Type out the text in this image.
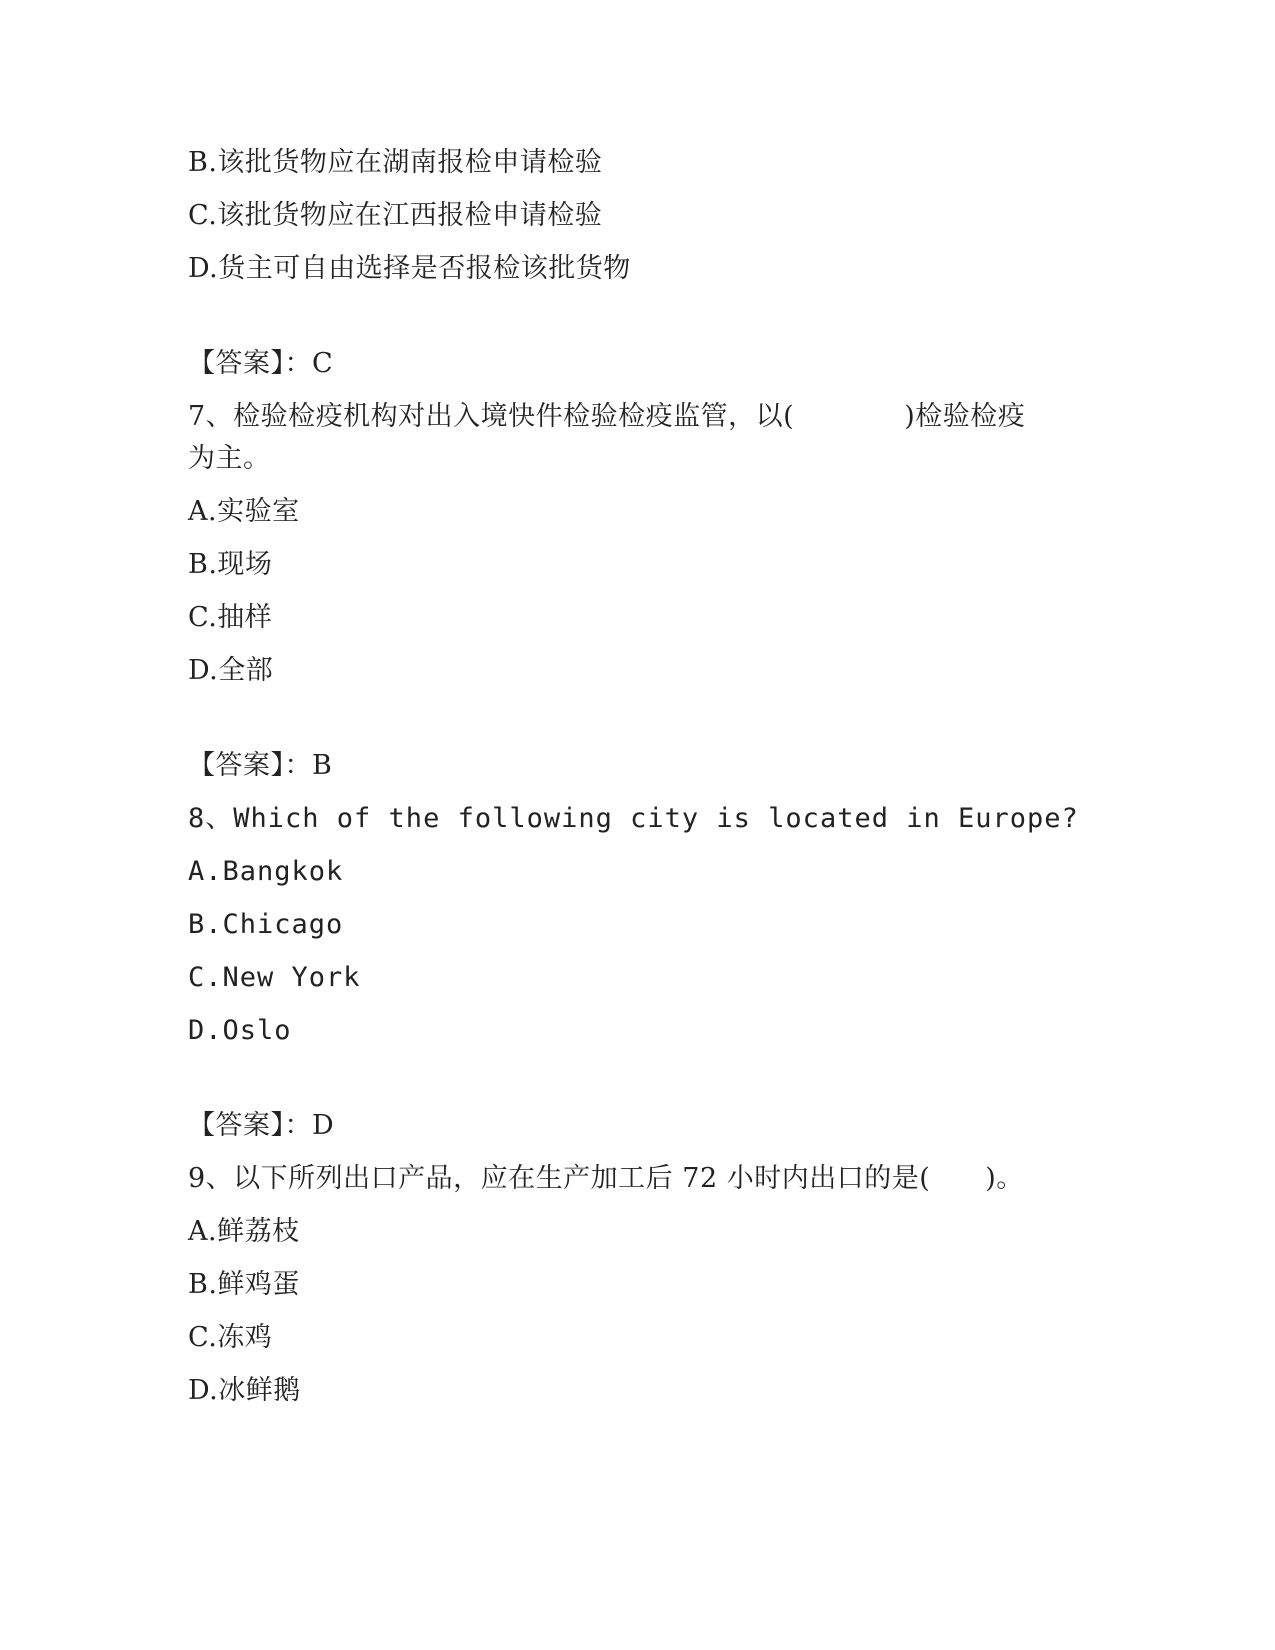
B.该批货物应在湖南报检申请检验
C.该批货物应在江西报检申请检验
D.货主可自由选择是否报检该批货物
【答案】：C
7、检验检疫机构对出入境快件检验检疫监管，以(　　　　)检验检疫
为主。
A.实验室
B.现场
C.抽样
D.全部
【答案】：B
8、Which of the following city is located in Europe?
A.Bangkok
B.Chicago
C.New York
D.Oslo
【答案】：D
9、以下所列出口产品，应在生产加工后 72 小时内出口的是(　　)。
A.鲜荔枝
B.鲜鸡蛋
C.冻鸡
D.冰鲜鹅
